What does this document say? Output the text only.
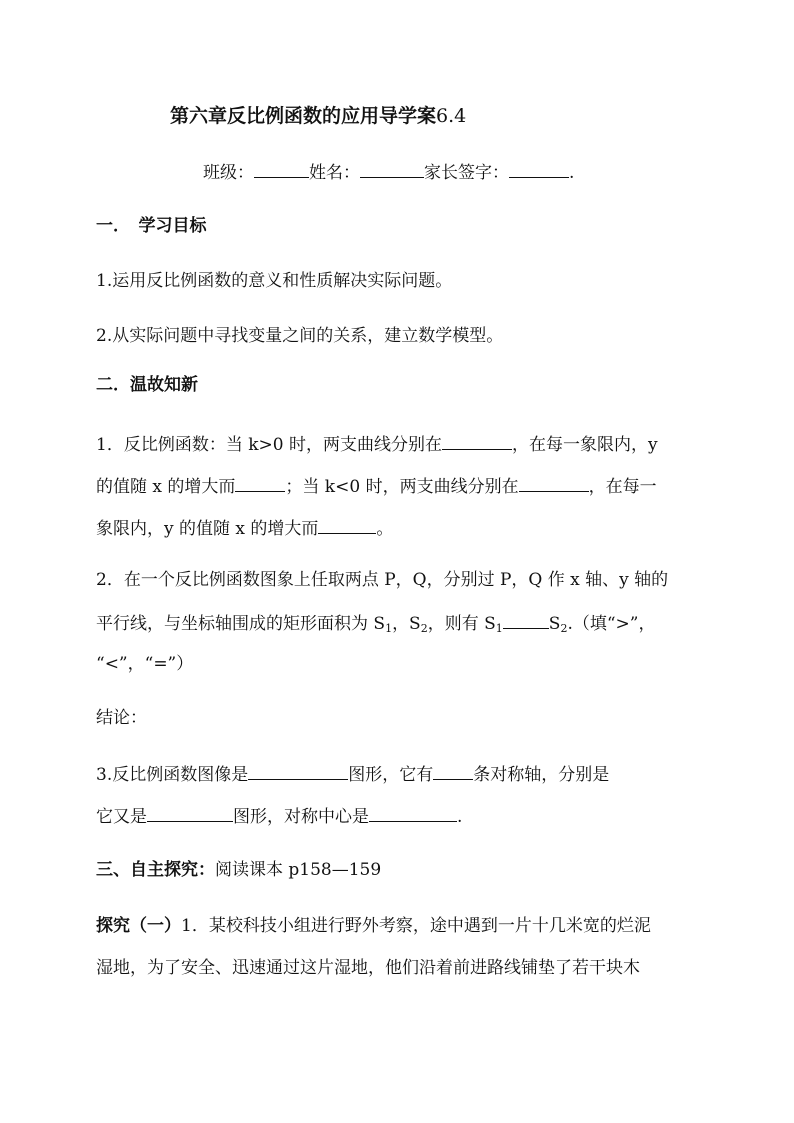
第六章反比例函数的应用导学案6.4
班级：	姓名：	家长签字：	.
一．　学习目标
1.运用反比例函数的意义和性质解决实际问题。
2.从实际问题中寻找变量之间的关系，建立数学模型。
二．温故知新
1．反比例函数：当 k>0 时，两支曲线分别在	，在每一象限内，y
的值随 x 的增大而	；当 k<0 时，两支曲线分别在	，在每一
象限内，y 的值随 x 的增大而	。
2．在一个反比例函数图象上任取两点 P，Q，分别过 P，Q 作 x 轴、y 轴的
平行线，与坐标轴围成的矩形面积为 $S_1$，$S_2$，则有 $S_1$	$S_2$.（填“>”，
“<”，“=”）
结论：
3.反比例函数图像是	图形，它有 条对称轴，分别是
它又是	图形，对称中心是	.
三、自主探究：阅读课本 p158—159
探究（一）1．某校科技小组进行野外考察，途中遇到一片十几米宽的烂泥
湿地，为了安全、迅速通过这片湿地，他们沿着前进路线铺垫了若干块木
